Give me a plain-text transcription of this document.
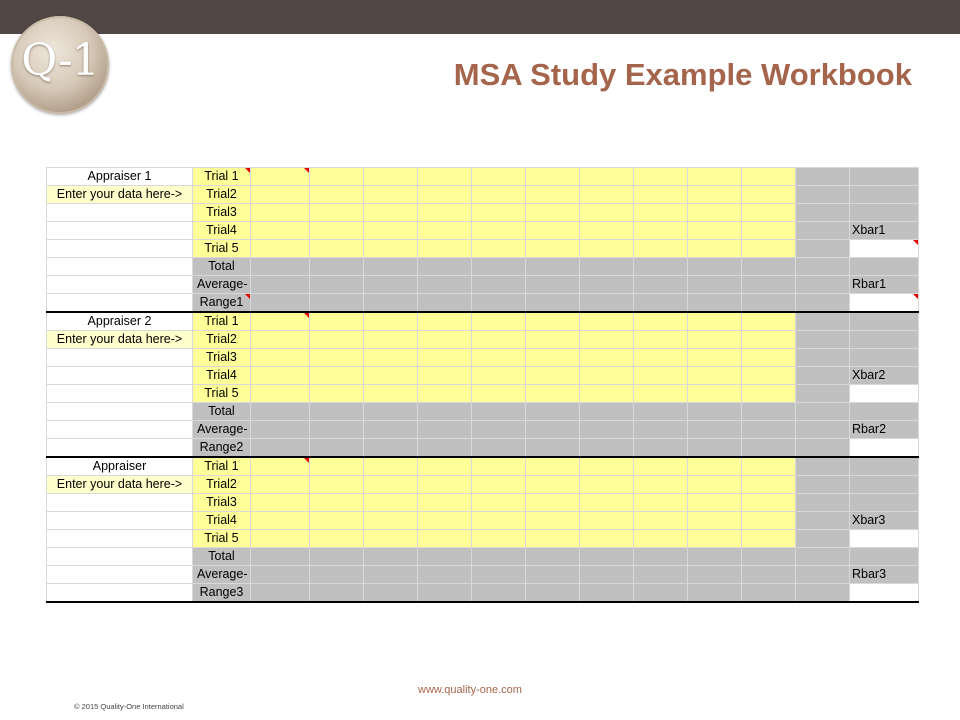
Q-1	MSA Study Example Workbook
Appraiser 1	Trial 1

Enter your data here->	Trial2												
	Trial3												
	Trial4												Xbar1
	Trial 5												

	Total												
	Average-												Rbar1
	Range1

Appraiser 2	Trial 1	

Enter your data here->	Trial2												
	Trial3												
	Trial4												Xbar2
	Trial 5												
	Total												
	Average-												Rbar2
	Range2												
Appraiser	Trial 1	

Enter your data here->	Trial2												
	Trial3												
	Trial4												Xbar3
	Trial 5												
	Total												
	Average-												Rbar3
	Range3												
www.quality-one.com
© 2015 Quality-One International
